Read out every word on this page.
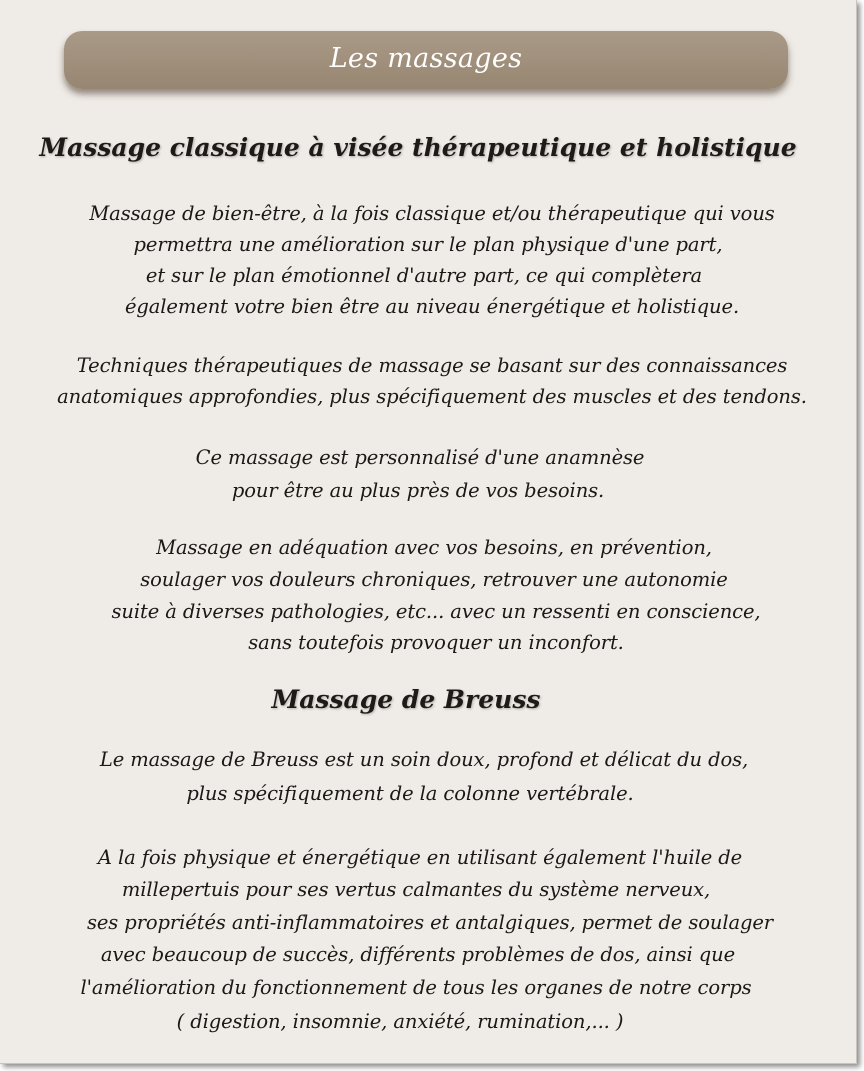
Les massages
Massage classique à visée thérapeutique et holistique
Massage de bien-être, à la fois classique et/ou thérapeutique qui vous
permettra une amélioration sur le plan physique d'une part,
et sur le plan émotionnel d'autre part, ce qui complètera
également votre bien être au niveau énergétique et holistique.
Techniques thérapeutiques de massage se basant sur des connaissances
anatomiques approfondies, plus spécifiquement des muscles et des tendons.
Ce massage est personnalisé d'une anamnèse
pour être au plus près de vos besoins.
Massage en adéquation avec vos besoins, en prévention,
soulager vos douleurs chroniques, retrouver une autonomie
suite à diverses pathologies, etc... avec un ressenti en conscience,
sans toutefois provoquer un inconfort.
Massage de Breuss
Le massage de Breuss est un soin doux, profond et délicat du dos,
plus spécifiquement de la colonne vertébrale.
A la fois physique et énergétique en utilisant également l'huile de
millepertuis pour ses vertus calmantes du système nerveux,
ses propriétés anti-inflammatoires et antalgiques, permet de soulager
avec beaucoup de succès, différents problèmes de dos, ainsi que
l'amélioration du fonctionnement de tous les organes de notre corps
( digestion, insomnie, anxiété, rumination,... )
